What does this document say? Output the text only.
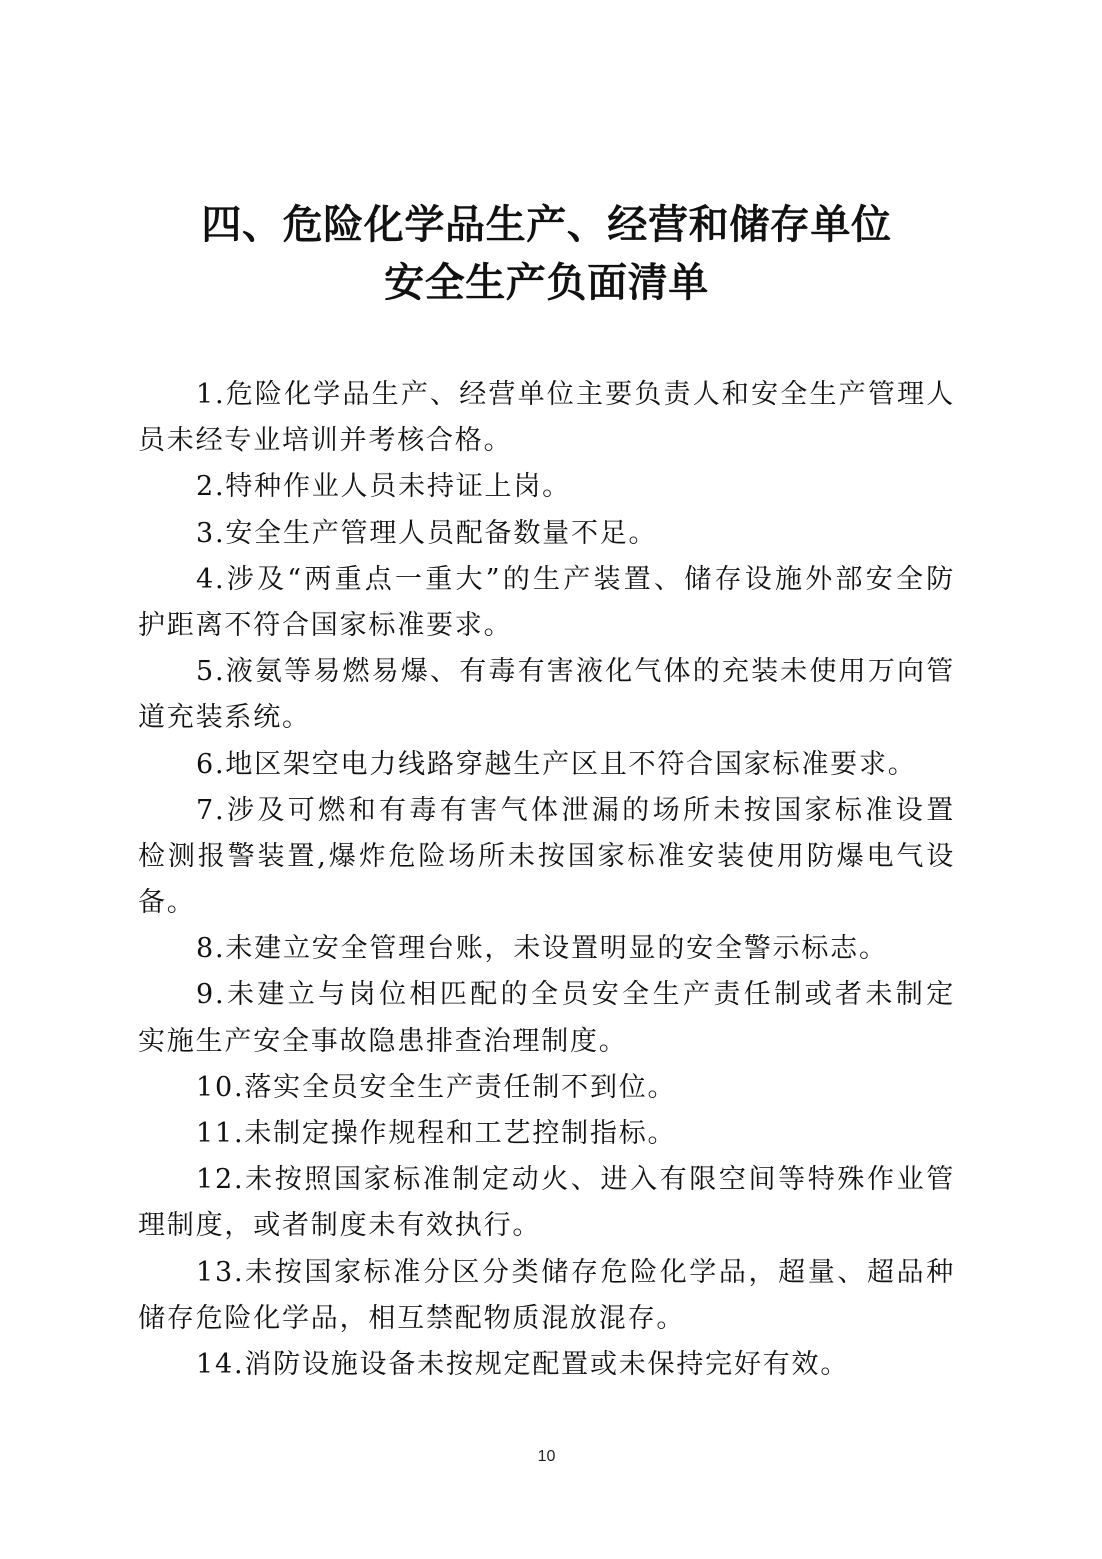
四、危险化学品生产、经营和储存单位
安全生产负面清单
1.危险化学品生产、经营单位主要负责人和安全生产管理人
员未经专业培训并考核合格。
2.特种作业人员未持证上岗。
3.安全生产管理人员配备数量不足。
4.涉及“两重点一重大”的生产装置、储存设施外部安全防
护距离不符合国家标准要求。
5.液氨等易燃易爆、有毒有害液化气体的充装未使用万向管
道充装系统。
6.地区架空电力线路穿越生产区且不符合国家标准要求。
7.涉及可燃和有毒有害气体泄漏的场所未按国家标准设置
检测报警装置,爆炸危险场所未按国家标准安装使用防爆电气设
备。
8.未建立安全管理台账，未设置明显的安全警示标志。
9.未建立与岗位相匹配的全员安全生产责任制或者未制定
实施生产安全事故隐患排查治理制度。
10.落实全员安全生产责任制不到位。
11.未制定操作规程和工艺控制指标。
12.未按照国家标准制定动火、进入有限空间等特殊作业管
理制度，或者制度未有效执行。
13.未按国家标准分区分类储存危险化学品，超量、超品种
储存危险化学品，相互禁配物质混放混存。
14.消防设施设备未按规定配置或未保持完好有效。
10
